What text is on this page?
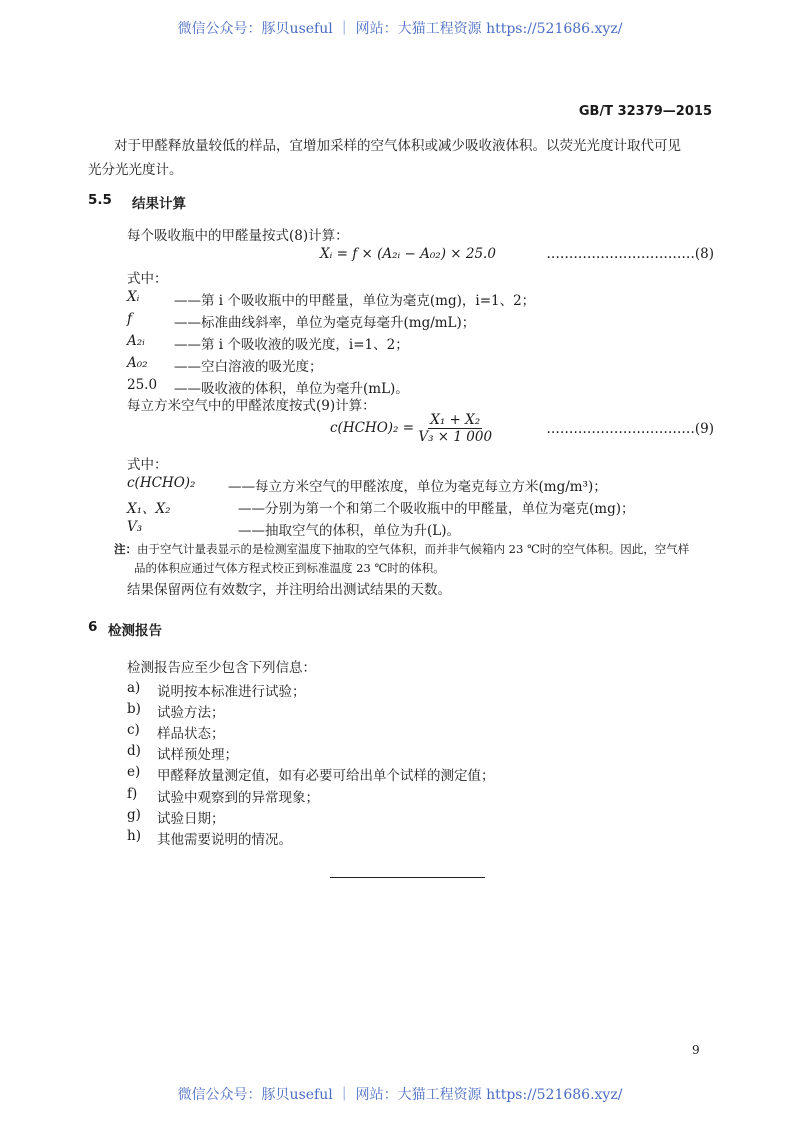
微信公众号：豚贝useful ｜ 网站：大猫工程资源 https://521686.xyz/
GB/T 32379—2015
对于甲醛释放量较低的样品，宜增加采样的空气体积或减少吸收液体积。以荧光光度计取代可见
光分光光度计。
5.5 结果计算
每个吸收瓶中的甲醛量按式(8)计算：
Xᵢ = f × (A₂ᵢ − A₀₂) × 25.0	……………………………(8)
式中：
Xᵢ	——第 i 个吸收瓶中的甲醛量，单位为毫克(mg)，i=1、2；
f	——标准曲线斜率，单位为毫克每毫升(mg/mL)；
A₂ᵢ ——第 i 个吸收液的吸光度，i=1、2；
A₀₂ ——空白溶液的吸光度；
25.0 ——吸收液的体积，单位为毫升(mL)。
每立方米空气中的甲醛浓度按式(9)计算：
c(HCHO)₂ = $\frac{\text{X₁ + X₂}}{\text{V₃ × 1 000}}$	……………………………(9)
式中：
c(HCHO)₂ ——每立方米空气的甲醛浓度，单位为毫克每立方米(mg/m³)；
X₁、X₂	——分别为第一个和第二个吸收瓶中的甲醛量，单位为毫克(mg)；
V₃	——抽取空气的体积，单位为升(L)。
注：由于空气计量表显示的是检测室温度下抽取的空气体积，而并非气候箱内 23 ℃时的空气体积。因此，空气样
品的体积应通过气体方程式校正到标准温度 23 ℃时的体积。
结果保留两位有效数字，并注明给出测试结果的天数。
6 检测报告
检测报告应至少包含下列信息：
a) 说明按本标准进行试验；
b) 试验方法；
c) 样品状态；
d) 试样预处理；
e) 甲醛释放量测定值，如有必要可给出单个试样的测定值；
f) 试验中观察到的异常现象；
g) 试验日期；
h) 其他需要说明的情况。
9
微信公众号：豚贝useful ｜ 网站：大猫工程资源 https://521686.xyz/
